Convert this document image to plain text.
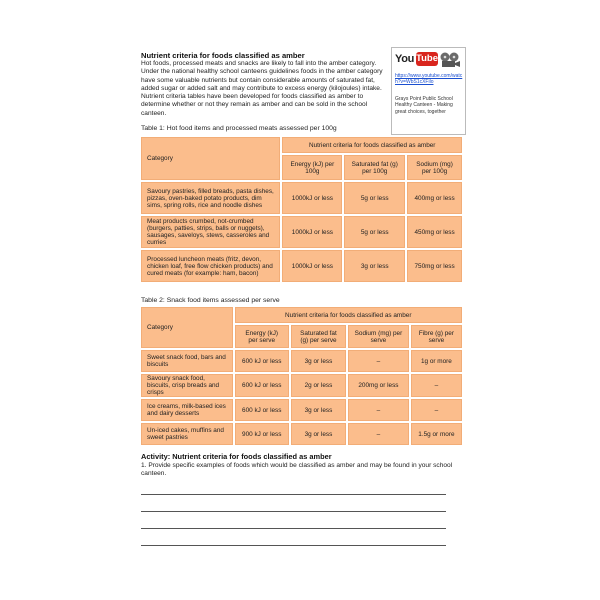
Nutrient criteria for foods classified as amber
Hot foods, processed meats and snacks are likely to fall into the amber category. Under the national healthy school canteens guidelines foods in the amber category have some valuable nutrients but contain considerable amounts of saturated fat, added sugar or added salt and may contribute to excess energy (kilojoules) intake. Nutrient criteria tables have been developed for foods classified as amber to determine whether or not they remain as amber and can be sold in the school canteen.
You Tube
https://www.youtube.com/watch?v=WbS1cXFilo
Grays Point Public School Healthy Canteen - Making great choices, together
Table 1: Hot food items and processed meats assessed per 100g
Category	Nutrient criteria for foods classified as amber		
	Energy (kJ) per 100g	Saturated fat (g) per 100g	Sodium (mg) per 100g
Savoury pastries, filled breads, pasta dishes, pizzas, oven-baked potato products, dim sims, spring rolls, rice and noodle dishes	1000kJ or less	5g or less	400mg or less
Meat products crumbed, not-crumbed (burgers, patties, strips, balls or nuggets), sausages, saveloys, stews, casseroles and curries	1000kJ or less	5g or less	450mg or less
Processed luncheon meats (fritz, devon, chicken loaf, free flow chicken products) and cured meats (for example: ham, bacon)	1000kJ or less	3g or less	750mg or less
Table 2: Snack food items assessed per serve
Category	Nutrient criteria for foods classified as amber			
	Energy (kJ) per serve	Saturated fat (g) per serve	Sodium (mg) per serve	Fibre (g) per serve
Sweet snack food, bars and biscuits	600 kJ or less	3g or less	–	1g or more
Savoury snack food, biscuits, crisp breads and crisps	600 kJ or less	2g or less	200mg or less	–
Ice creams, milk-based ices and dairy desserts	600 kJ or less	3g or less	–	–
Un-iced cakes, muffins and sweet pastries	900 kJ or less	3g or less	–	1.5g or more
Activity: Nutrient criteria for foods classified as amber
1. Provide specific examples of foods which would be classified as amber and may be found in your school canteen.
